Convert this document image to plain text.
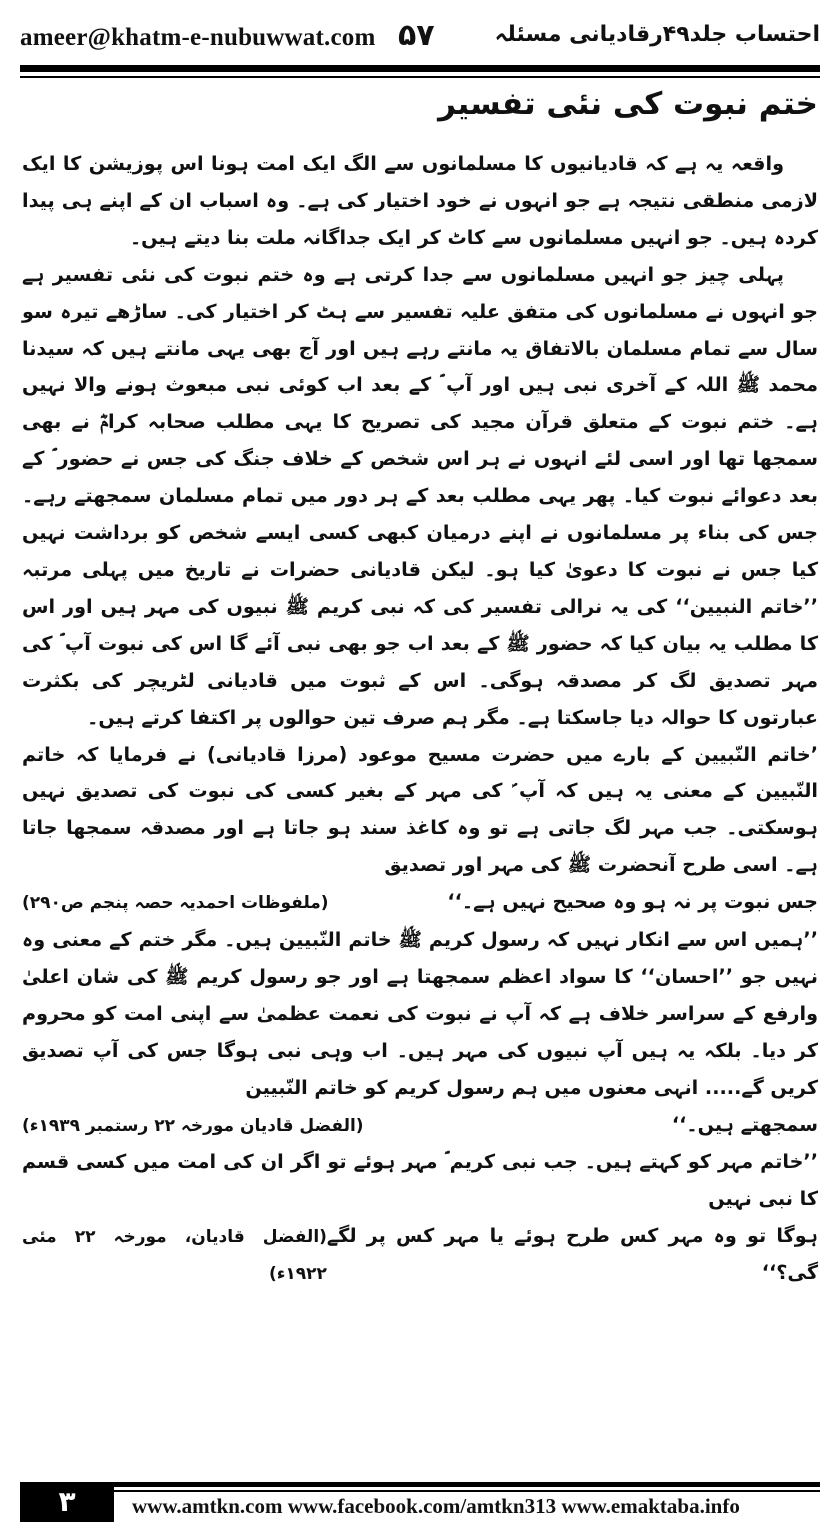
ameer@khatm-e-nubuwwat.com ۵۷	احتساب جلد۴۹رقادیانی مسئلہ
ختم نبوت کی نئی تفسیر

واقعہ یہ ہے کہ قادیانیوں کا مسلمانوں سے الگ ایک امت ہونا اس پوزیشن کا ایک لازمی منطقی نتیجہ ہے جو انہوں نے خود اختیار کی ہے۔ وہ اسباب ان کے اپنے ہی پیدا کردہ ہیں۔ جو انہیں مسلمانوں سے کاٹ کر ایک جداگانہ ملت بنا دیتے ہیں۔

پہلی چیز جو انہیں مسلمانوں سے جدا کرتی ہے وہ ختم نبوت کی نئی تفسیر ہے جو انہوں نے مسلمانوں کی متفق علیہ تفسیر سے ہٹ کر اختیار کی۔ ساڑھے تیرہ سو سال سے تمام مسلمان بالاتفاق یہ مانتے رہے ہیں اور آج بھی یہی مانتے ہیں کہ سیدنا محمد ﷺ اللہ کے آخری نبی ہیں اور آپ ؐ کے بعد اب کوئی نبی مبعوث ہونے والا نہیں ہے۔ ختم نبوت کے متعلق قرآن مجید کی تصریح کا یہی مطلب صحابہ کرامؓ نے بھی سمجھا تھا اور اسی لئے انہوں نے ہر اس شخص کے خلاف جنگ کی جس نے حضور ؐ کے بعد دعوائے نبوت کیا۔ پھر یہی مطلب بعد کے ہر دور میں تمام مسلمان سمجھتے رہے۔ جس کی بناء پر مسلمانوں نے اپنے درمیان کبھی کسی ایسے شخص کو برداشت نہیں کیا جس نے نبوت کا دعویٰ کیا ہو۔ لیکن قادیانی حضرات نے تاریخ میں پہلی مرتبہ ’’خاتم النبیین‘‘ کی یہ نرالی تفسیر کی کہ نبی کریم ﷺ نبیوں کی مہر ہیں اور اس کا مطلب یہ بیان کیا کہ حضور ﷺ کے بعد اب جو بھی نبی آئے گا اس کی نبوت آپ ؐ کی مہر تصدیق لگ کر مصدقہ ہوگی۔ اس کے ثبوت میں قادیانی لٹریچر کی بکثرت عبارتوں کا حوالہ دیا جاسکتا ہے۔ مگر ہم صرف تین حوالوں پر اکتفا کرتے ہیں۔

’خاتم النّبیین کے بارے میں حضرت مسیح موعود (مرزا قادیانی) نے فرمایا کہ خاتم النّبیین کے معنی یہ ہیں کہ آپ ؐ کی مہر کے بغیر کسی کی نبوت کی تصدیق نہیں ہوسکتی۔ جب مہر لگ جاتی ہے تو وہ کاغذ سند ہو جاتا ہے اور مصدقہ سمجھا جاتا ہے۔ اسی طرح آنحضرت ﷺ کی مہر اور تصدیق

جس نبوت پر نہ ہو وہ صحیح نہیں ہے۔‘‘
(ملفوظات احمدیہ حصہ پنجم ص۲۹۰)

’’ہمیں اس سے انکار نہیں کہ رسول کریم ﷺ خاتم النّبیین ہیں۔ مگر ختم کے معنی وہ نہیں جو ’’احسان‘‘ کا سواد اعظم سمجھتا ہے اور جو رسول کریم ﷺ کی شان اعلیٰ وارفع کے سراسر خلاف ہے کہ آپ نے نبوت کی نعمت عظمیٰ سے اپنی امت کو محروم کر دیا۔ بلکہ یہ ہیں آپ نبیوں کی مہر ہیں۔ اب وہی نبی ہوگا جس کی آپ تصدیق کریں گے..... انہی معنوں میں ہم رسول کریم کو خاتم النّبیین

سمجھتے ہیں۔‘‘
(الفضل قادیان مورخہ ۲۲ رستمبر ۱۹۳۹ء)

’’خاتم مہر کو کہتے ہیں۔ جب نبی کریم ؐ مہر ہوئے تو اگر ان کی امت میں کسی قسم کا نبی نہیں

ہوگا تو وہ مہر کس طرح ہوئے یا مہر کس پر لگے گی؟‘‘
(الفضل قادیان، مورخہ ۲۲ مئی ۱۹۲۲ء)
۳	www.amtkn.com www.facebook.com/amtkn313 www.emaktaba.info
